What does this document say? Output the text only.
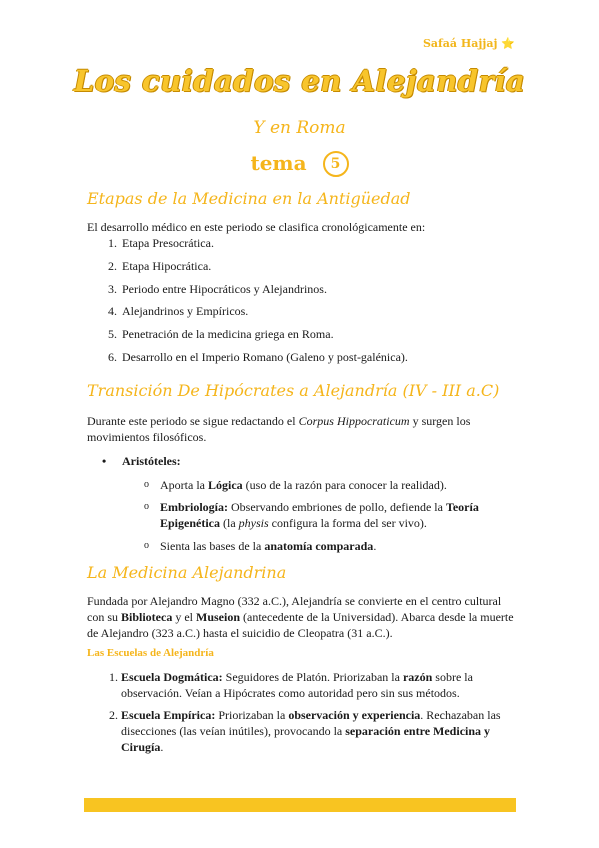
Safaá Hajjaj ⭐
Los cuidados en Alejandría
Y en Roma
tema 5
Etapas de la Medicina en la Antigüedad
El desarrollo médico en este periodo se clasifica cronológicamente en:
1. Etapa Presocrática.
2. Etapa Hipocrática.
3. Periodo entre Hipocráticos y Alejandrinos.
4. Alejandrinos y Empíricos.
5. Penetración de la medicina griega en Roma.
6. Desarrollo en el Imperio Romano (Galeno y post-galénica).
Transición De Hipócrates a Alejandría (IV - III a.C)
Durante este periodo se sigue redactando el Corpus Hippocraticum y surgen los movimientos filosóficos.
• Aristóteles:
o Aporta la Lógica (uso de la razón para conocer la realidad).
o Embriología: Observando embriones de pollo, defiende la Teoría Epigenética (la physis configura la forma del ser vivo).
o Sienta las bases de la anatomía comparada.
La Medicina Alejandrina
Fundada por Alejandro Magno (332 a.C.), Alejandría se convierte en el centro cultural con su Biblioteca y el Museion (antecedente de la Universidad). Abarca desde la muerte de Alejandro (323 a.C.) hasta el suicidio de Cleopatra (31 a.C.).
Las Escuelas de Alejandría
1. Escuela Dogmática: Seguidores de Platón. Priorizaban la razón sobre la observación. Veían a Hipócrates como autoridad pero sin sus métodos.
2. Escuela Empírica: Priorizaban la observación y experiencia. Rechazaban las disecciones (las veían inútiles), provocando la separación entre Medicina y Cirugía.
